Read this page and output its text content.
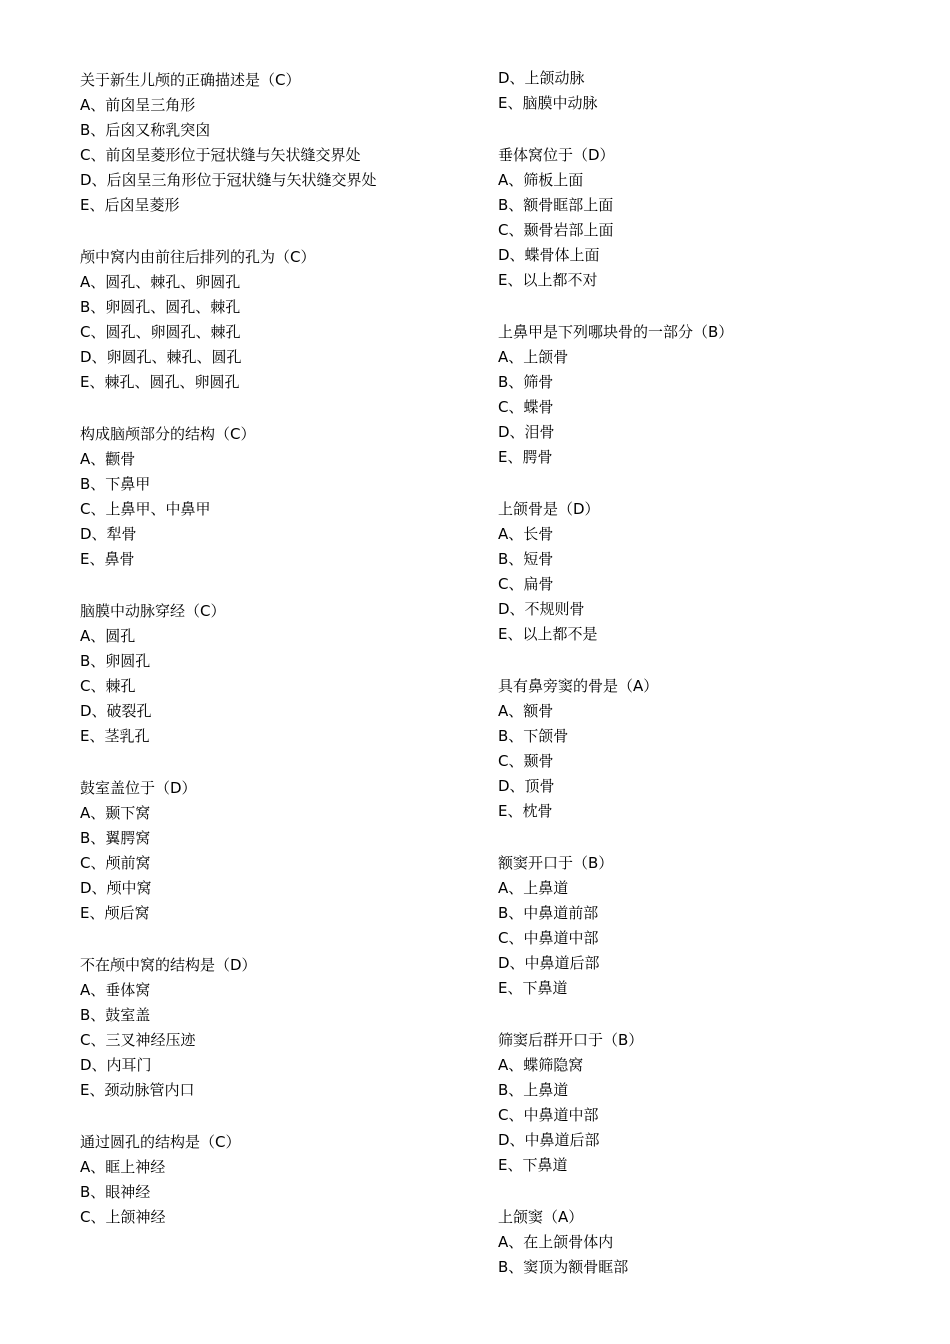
关于新生儿颅的正确描述是（C）
A、前囟呈三角形
B、后囟又称乳突囟
C、前囟呈菱形位于冠状缝与矢状缝交界处
D、后囟呈三角形位于冠状缝与矢状缝交界处
E、后囟呈菱形
颅中窝内由前往后排列的孔为（C）
A、圆孔、棘孔、卵圆孔
B、卵圆孔、圆孔、棘孔
C、圆孔、卵圆孔、棘孔
D、卵圆孔、棘孔、圆孔
E、棘孔、圆孔、卵圆孔
构成脑颅部分的结构（C）
A、颧骨
B、下鼻甲
C、上鼻甲、中鼻甲
D、犁骨
E、鼻骨
脑膜中动脉穿经（C）
A、圆孔
B、卵圆孔
C、棘孔
D、破裂孔
E、茎乳孔
鼓室盖位于（D）
A、颞下窝
B、翼腭窝
C、颅前窝
D、颅中窝
E、颅后窝
不在颅中窝的结构是（D）
A、垂体窝
B、鼓室盖
C、三叉神经压迹
D、内耳门
E、颈动脉管内口
通过圆孔的结构是（C）
A、眶上神经
B、眼神经
C、上颌神经
D、上颌动脉
E、脑膜中动脉
垂体窝位于（D）
A、筛板上面
B、额骨眶部上面
C、颞骨岩部上面
D、蝶骨体上面
E、以上都不对
上鼻甲是下列哪块骨的一部分（B）
A、上颌骨
B、筛骨
C、蝶骨
D、泪骨
E、腭骨
上颌骨是（D）
A、长骨
B、短骨
C、扁骨
D、不规则骨
E、以上都不是
具有鼻旁窦的骨是（A）
A、额骨
B、下颌骨
C、颞骨
D、顶骨
E、枕骨
额窦开口于（B）
A、上鼻道
B、中鼻道前部
C、中鼻道中部
D、中鼻道后部
E、下鼻道
筛窦后群开口于（B）
A、蝶筛隐窝
B、上鼻道
C、中鼻道中部
D、中鼻道后部
E、下鼻道
上颌窦（A）
A、在上颌骨体内
B、窦顶为额骨眶部
